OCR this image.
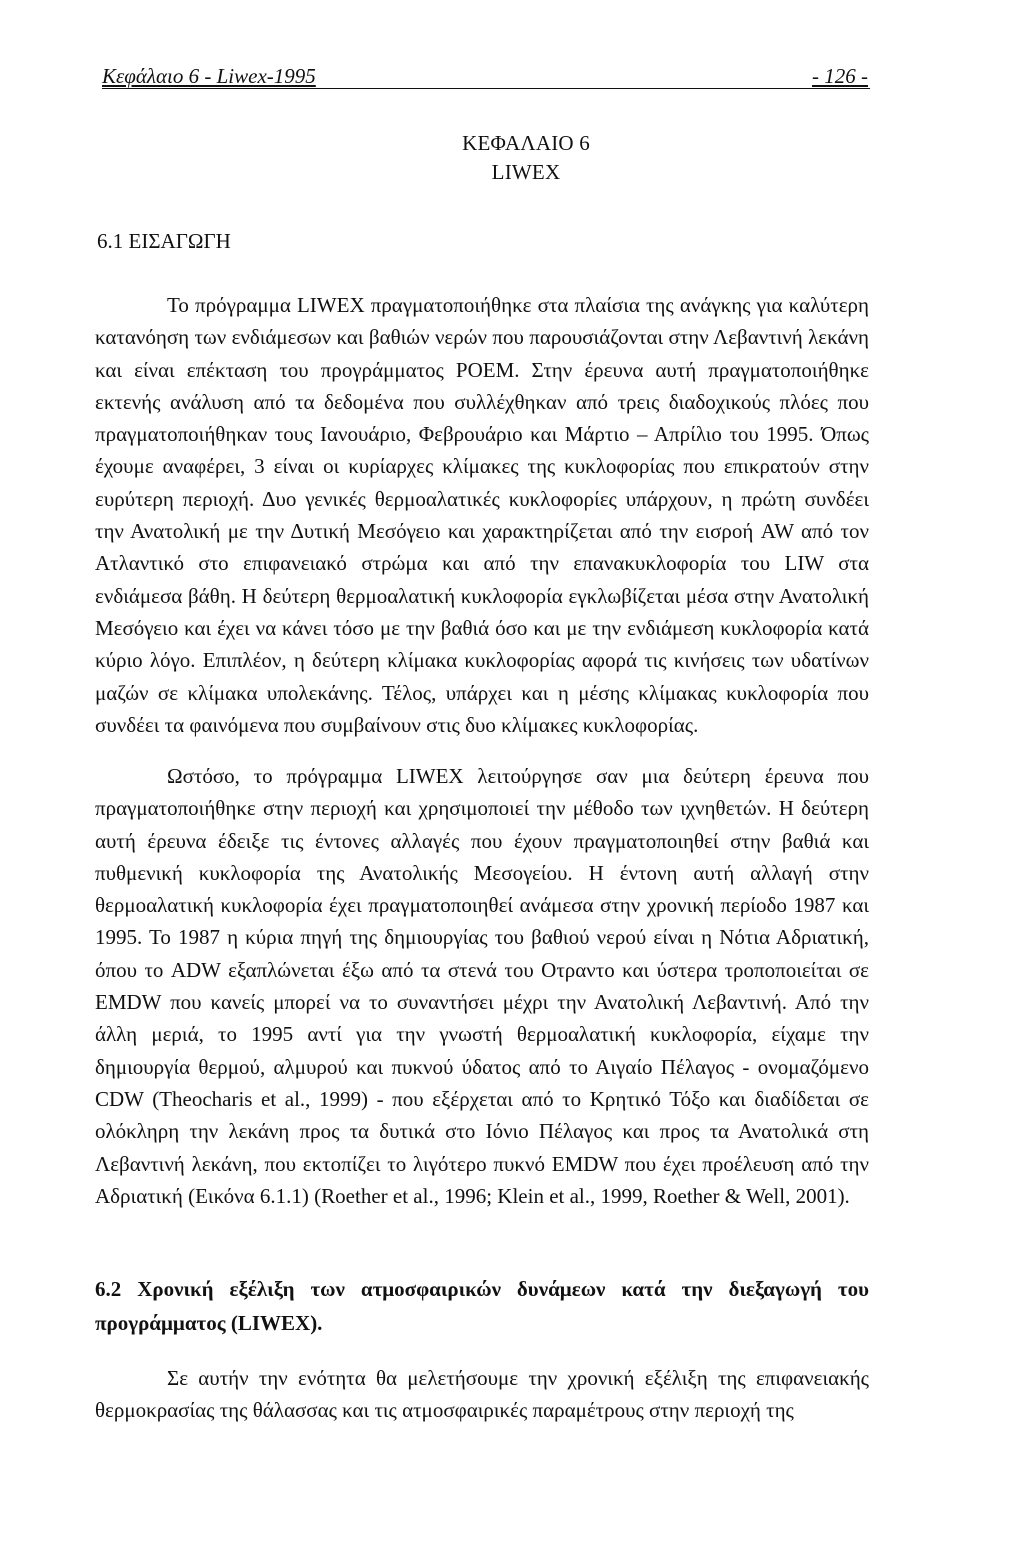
Κεφάλαιο 6 - Liwex-1995	- 126 -
ΚΕΦΑΛΑΙΟ 6
LIWEX
6.1 ΕΙΣΑΓΩΓΗ

Το πρόγραμμα LIWEX πραγματοποιήθηκε στα πλαίσια της ανάγκης για καλύτερη κατανόηση των ενδιάμεσων και βαθιών νερών που παρουσιάζονται στην Λεβαντινή λεκάνη και είναι επέκταση του προγράμματος POEM. Στην έρευνα αυτή πραγματοποιήθηκε εκτενής ανάλυση από τα δεδομένα που συλλέχθηκαν από τρεις διαδοχικούς πλόες που πραγματοποιήθηκαν τους Ιανουάριο, Φεβρουάριο και Μάρτιο – Απρίλιο του 1995. Όπως έχουμε αναφέρει, 3 είναι οι κυρίαρχες κλίμακες της κυκλοφορίας που επικρατούν στην ευρύτερη περιοχή. Δυο γενικές θερμοαλατικές κυκλοφορίες υπάρχουν, η πρώτη συνδέει την Ανατολική με την Δυτική Μεσόγειο και χαρακτηρίζεται από την εισροή AW από τον Ατλαντικό στο επιφανειακό στρώμα και από την επανακυκλοφορία του LIW στα ενδιάμεσα βάθη. Η δεύτερη θερμοαλατική κυκλοφορία εγκλωβίζεται μέσα στην Ανατολική Μεσόγειο και έχει να κάνει τόσο με την βαθιά όσο και με την ενδιάμεση κυκλοφορία κατά κύριο λόγο. Επιπλέον, η δεύτερη κλίμακα κυκλοφορίας αφορά τις κινήσεις των υδατίνων μαζών σε κλίμακα υπολεκάνης. Τέλος, υπάρχει και η μέσης κλίμακας κυκλοφορία που συνδέει τα φαινόμενα που συμβαίνουν στις δυο κλίμακες κυκλοφορίας.

Ωστόσο, το πρόγραμμα LIWEX λειτούργησε σαν μια δεύτερη έρευνα που πραγματοποιήθηκε στην περιοχή και χρησιμοποιεί την μέθοδο των ιχνηθετών. Η δεύτερη αυτή έρευνα έδειξε τις έντονες αλλαγές που έχουν πραγματοποιηθεί στην βαθιά και πυθμενική κυκλοφορία της Ανατολικής Μεσογείου. Η έντονη αυτή αλλαγή στην θερμοαλατική κυκλοφορία έχει πραγματοποιηθεί ανάμεσα στην χρονική περίοδο 1987 και 1995. Το 1987 η κύρια πηγή της δημιουργίας του βαθιού νερού είναι η Νότια Αδριατική, όπου το ADW εξαπλώνεται έξω από τα στενά του Οτραντο και ύστερα τροποποιείται σε EMDW που κανείς μπορεί να το συναντήσει μέχρι την Ανατολική Λεβαντινή. Από την άλλη μεριά, το 1995 αντί για την γνωστή θερμοαλατική κυκλοφορία, είχαμε την δημιουργία θερμού, αλμυρού και πυκνού ύδατος από το Αιγαίο Πέλαγος - ονομαζόμενο CDW (Theocharis et al., 1999) - που εξέρχεται από το Κρητικό Τόξο και διαδίδεται σε ολόκληρη την λεκάνη προς τα δυτικά στο Ιόνιο Πέλαγος και προς τα Ανατολικά στη Λεβαντινή λεκάνη, που εκτοπίζει το λιγότερο πυκνό EMDW που έχει προέλευση από την Αδριατική (Εικόνα 6.1.1) (Roether et al., 1996; Klein et al., 1999, Roether & Well, 2001).

6.2 Χρονική εξέλιξη των ατμοσφαιρικών δυνάμεων κατά την διεξαγωγή του προγράμματος (LIWEX).

Σε αυτήν την ενότητα θα μελετήσουμε την χρονική εξέλιξη της επιφανειακής θερμοκρασίας της θάλασσας και τις ατμοσφαιρικές παραμέτρους στην περιοχή της
